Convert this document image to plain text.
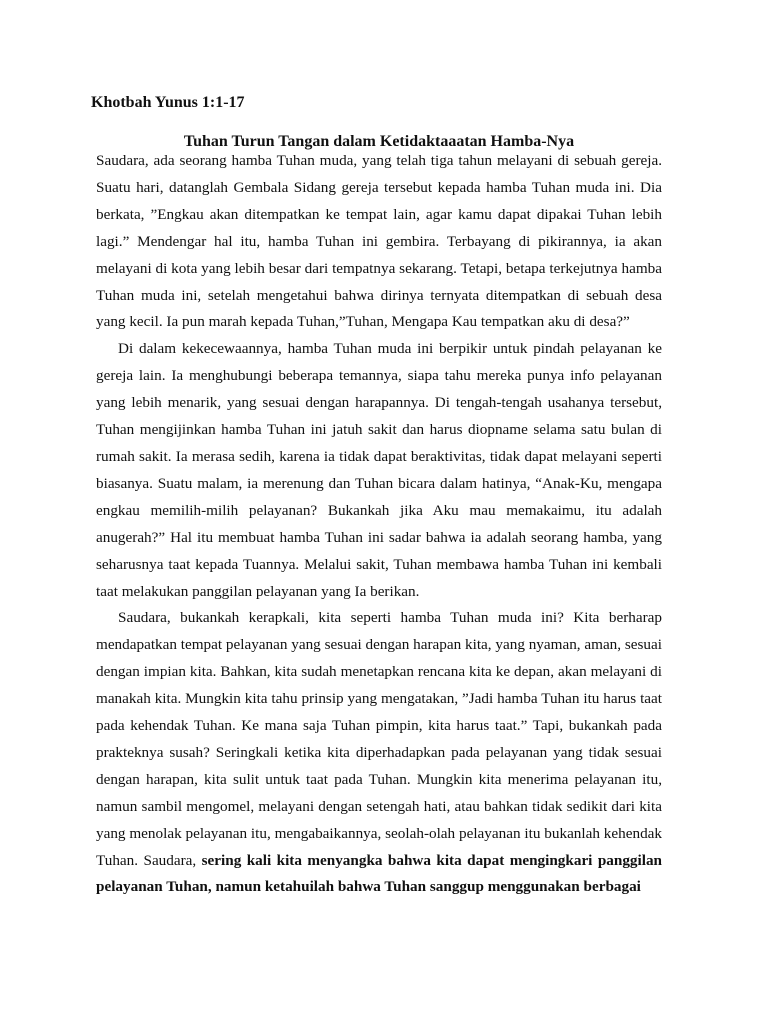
Khotbah Yunus 1:1-17
Tuhan Turun Tangan dalam Ketidaktaaatan Hamba-Nya

Saudara, ada seorang hamba Tuhan muda, yang telah tiga tahun melayani di sebuah gereja. Suatu hari, datanglah Gembala Sidang gereja tersebut kepada hamba Tuhan muda ini. Dia berkata, ”Engkau akan ditempatkan ke tempat lain, agar kamu dapat dipakai Tuhan lebih lagi.” Mendengar hal itu, hamba Tuhan ini gembira. Terbayang di pikirannya, ia akan melayani di kota yang lebih besar dari tempatnya sekarang. Tetapi, betapa terkejutnya hamba Tuhan muda ini, setelah mengetahui bahwa dirinya ternyata ditempatkan di sebuah desa yang kecil. Ia pun marah kepada Tuhan,”Tuhan, Mengapa Kau tempatkan aku di desa?”

Di dalam kekecewaannya, hamba Tuhan muda ini berpikir untuk pindah pelayanan ke gereja lain. Ia menghubungi beberapa temannya, siapa tahu mereka punya info pelayanan yang lebih menarik, yang sesuai dengan harapannya. Di tengah-tengah usahanya tersebut, Tuhan mengijinkan hamba Tuhan ini jatuh sakit dan harus diopname selama satu bulan di rumah sakit. Ia merasa sedih, karena ia tidak dapat beraktivitas, tidak dapat melayani seperti biasanya. Suatu malam, ia merenung dan Tuhan bicara dalam hatinya, “Anak-Ku, mengapa engkau memilih-milih pelayanan? Bukankah jika Aku mau memakaimu, itu adalah anugerah?” Hal itu membuat hamba Tuhan ini sadar bahwa ia adalah seorang hamba, yang seharusnya taat kepada Tuannya. Melalui sakit, Tuhan membawa hamba Tuhan ini kembali taat melakukan panggilan pelayanan yang Ia berikan.

Saudara, bukankah kerapkali, kita seperti hamba Tuhan muda ini? Kita berharap mendapatkan tempat pelayanan yang sesuai dengan harapan kita, yang nyaman, aman, sesuai dengan impian kita. Bahkan, kita sudah menetapkan rencana kita ke depan, akan melayani di manakah kita. Mungkin kita tahu prinsip yang mengatakan, ”Jadi hamba Tuhan itu harus taat pada kehendak Tuhan. Ke mana saja Tuhan pimpin, kita harus taat.” Tapi, bukankah pada prakteknya susah? Seringkali ketika kita diperhadapkan pada pelayanan yang tidak sesuai dengan harapan, kita sulit untuk taat pada Tuhan. Mungkin kita menerima pelayanan itu, namun sambil mengomel, melayani dengan setengah hati, atau bahkan tidak sedikit dari kita yang menolak pelayanan itu, mengabaikannya, seolah-olah pelayanan itu bukanlah kehendak Tuhan. Saudara, sering kali kita menyangka bahwa kita dapat mengingkari panggilan pelayanan Tuhan, namun ketahuilah bahwa Tuhan sanggup menggunakan berbagai
